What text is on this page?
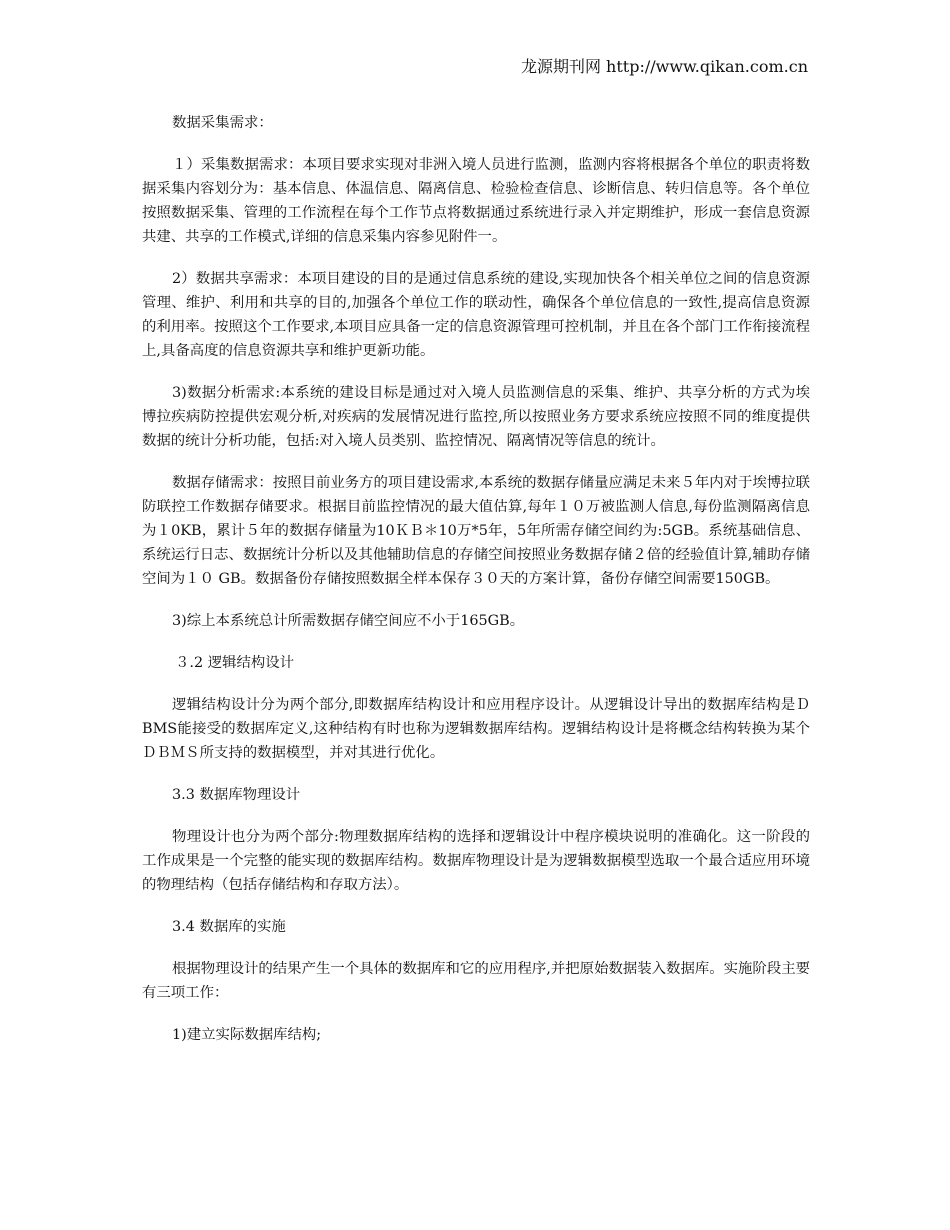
龙源期刊网 http://www.qikan.com.cn

数据采集需求：

１）采集数据需求：本项目要求实现对非洲入境人员进行监测，监测内容将根据各个单位的职责将数据采集内容划分为：基本信息、体温信息、隔离信息、检验检查信息、诊断信息、转归信息等。各个单位按照数据采集、管理的工作流程在每个工作节点将数据通过系统进行录入并定期维护，形成一套信息资源共建、共享的工作模式,详细的信息采集内容参见附件一。

2）数据共享需求：本项目建设的目的是通过信息系统的建设,实现加快各个相关单位之间的信息资源管理、维护、利用和共享的目的,加强各个单位工作的联动性，确保各个单位信息的一致性,提高信息资源的利用率。按照这个工作要求,本项目应具备一定的信息资源管理可控机制，并且在各个部门工作衔接流程上,具备高度的信息资源共享和维护更新功能。

3)数据分析需求:本系统的建设目标是通过对入境人员监测信息的采集、维护、共享分析的方式为埃博拉疾病防控提供宏观分析,对疾病的发展情况进行监控,所以按照业务方要求系统应按照不同的维度提供数据的统计分析功能，包括:对入境人员类别、监控情况、隔离情况等信息的统计。

数据存储需求：按照目前业务方的项目建设需求,本系统的数据存储量应满足未来５年内对于埃博拉联防联控工作数据存储要求。根据目前监控情况的最大值估算,每年１０万被监测人信息,每份监测隔离信息为１0KB，累计５年的数据存储量为10ＫＢ＊10万*5年，5年所需存储空间约为:5GB。系统基础信息、系统运行日志、数据统计分析以及其他辅助信息的存储空间按照业务数据存储２倍的经验值计算,辅助存储空间为１０ GB。数据备份存储按照数据全样本保存３０天的方案计算，备份存储空间需要150GB。

3)综上本系统总计所需数据存储空间应不小于165GB。

３.2 逻辑结构设计

逻辑结构设计分为两个部分,即数据库结构设计和应用程序设计。从逻辑设计导出的数据库结构是ＤBMS能接受的数据库定义,这种结构有时也称为逻辑数据库结构。逻辑结构设计是将概念结构转换为某个ＤＢＭＳ所支持的数据模型，并对其进行优化。

3.3 数据库物理设计

物理设计也分为两个部分:物理数据库结构的选择和逻辑设计中程序模块说明的准确化。这一阶段的工作成果是一个完整的能实现的数据库结构。数据库物理设计是为逻辑数据模型选取一个最合适应用环境的物理结构（包括存储结构和存取方法）。

3.4 数据库的实施

根据物理设计的结果产生一个具体的数据库和它的应用程序,并把原始数据装入数据库。实施阶段主要有三项工作：

1)建立实际数据库结构;
